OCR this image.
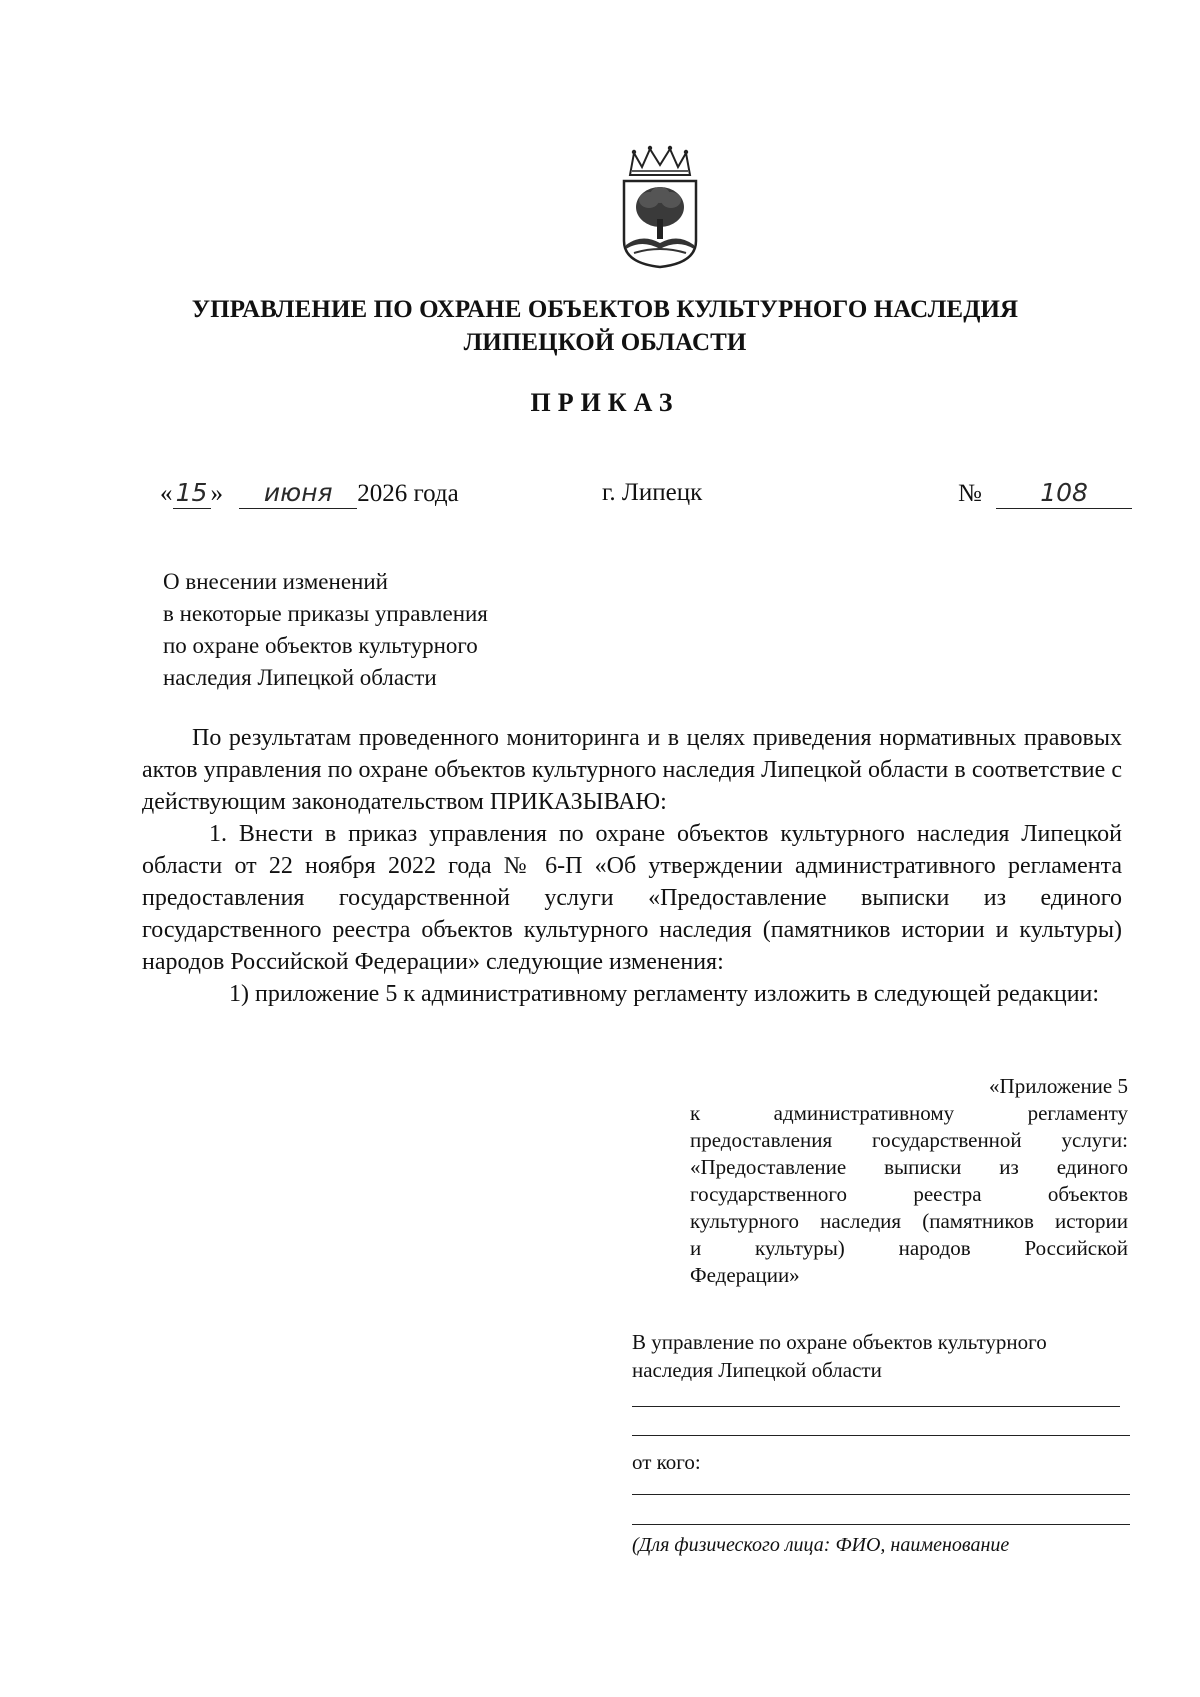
УПРАВЛЕНИЕ ПО ОХРАНЕ ОБЪЕКТОВ КУЛЬТУРНОГО НАСЛЕДИЯ
ЛИПЕЦКОЙ ОБЛАСТИ
ПРИКАЗ
« 15 » июня 2026 года	г. Липецк	№ 108
О внесении изменений
в некоторые приказы управления
по охране объектов культурного
наследия Липецкой области

По результатам проведенного мониторинга и в целях приведения нормативных правовых актов управления по охране объектов культурного наследия Липецкой области в соответствие с действующим законодательством ПРИКАЗЫВАЮ:

1. Внести в приказ управления по охране объектов культурного наследия Липецкой области от 22 ноября 2022 года № 6-П «Об утверждении административного регламента предоставления государственной услуги «Предоставление выписки из единого государственного реестра объектов культурного наследия (памятников истории и культуры) народов Российской Федерации» следующие изменения:

1) приложение 5 к административному регламенту изложить в следующей редакции:

«Приложение 5
к административному регламенту
предоставления государственной услуги:
«Предоставление выписки из единого
государственного реестра объектов
культурного наследия (памятников истории
и культуры) народов Российской
Федерации»
В управление по охране объектов культурного
наследия Липецкой области
от кого:
(Для физического лица: ФИО, наименование
